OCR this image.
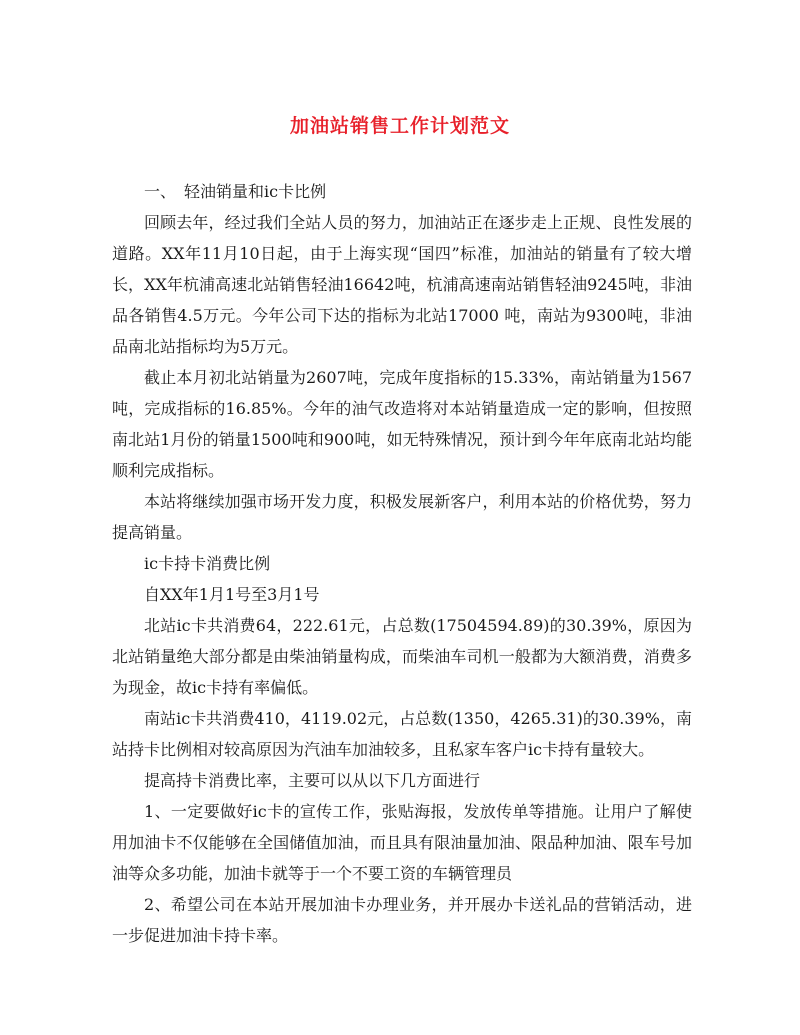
加油站销售工作计划范文

一、　轻油销量和ic卡比例

回顾去年，经过我们全站人员的努力，加油站正在逐步走上正规、良性发展的道路。XX年11月10日起，由于上海实现“国四”标准，加油站的销量有了较大增长，XX年杭浦高速北站销售轻油16642吨，杭浦高速南站销售轻油9245吨，非油品各销售4.5万元。今年公司下达的指标为北站17000 吨，南站为9300吨，非油品南北站指标均为5万元。

截止本月初北站销量为2607吨，完成年度指标的15.33%，南站销量为1567吨，完成指标的16.85%。今年的油气改造将对本站销量造成一定的影响，但按照南北站1月份的销量1500吨和900吨，如无特殊情况，预计到今年年底南北站均能顺利完成指标。

本站将继续加强市场开发力度，积极发展新客户，利用本站的价格优势，努力提高销量。

ic卡持卡消费比例

自XX年1月1号至3月1号

北站ic卡共消费64，222.61元，占总数(17504594.89)的30.39%，原因为北站销量绝大部分都是由柴油销量构成，而柴油车司机一般都为大额消费，消费多为现金，故ic卡持有率偏低。

南站ic卡共消费410，4119.02元，占总数(1350，4265.31)的30.39%，南站持卡比例相对较高原因为汽油车加油较多，且私家车客户ic卡持有量较大。

提高持卡消费比率，主要可以从以下几方面进行

1、一定要做好ic卡的宣传工作，张贴海报，发放传单等措施。让用户了解使用加油卡不仅能够在全国储值加油，而且具有限油量加油、限品种加油、限车号加油等众多功能，加油卡就等于一个不要工资的车辆管理员

2、希望公司在本站开展加油卡办理业务，并开展办卡送礼品的营销活动，进一步促进加油卡持卡率。
